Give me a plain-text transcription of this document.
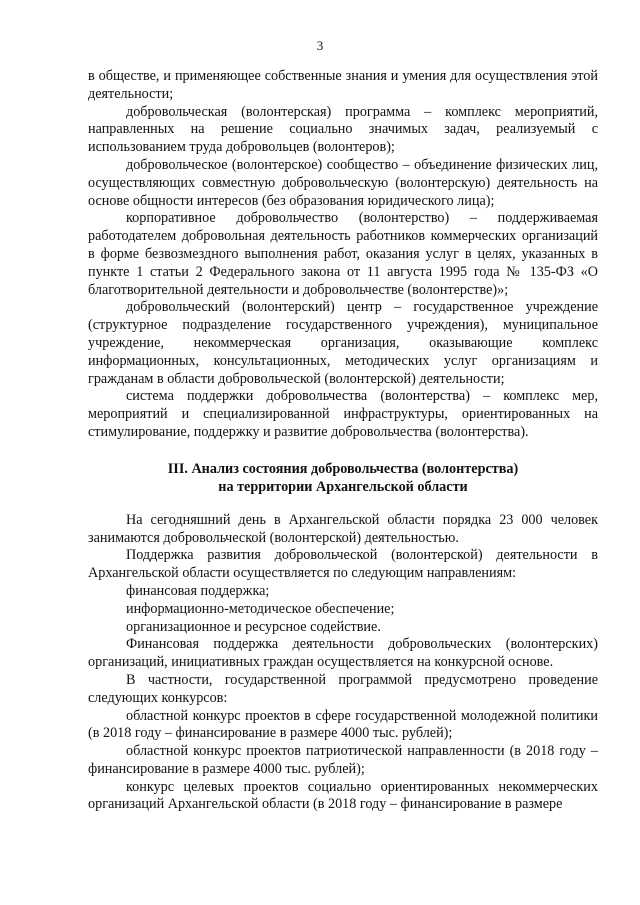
3

в обществе, и применяющее собственные знания и умения для осуществления этой деятельности;

добровольческая (волонтерская) программа – комплекс мероприятий, направленных на решение социально значимых задач, реализуемый с использованием труда добровольцев (волонтеров);

добровольческое (волонтерское) сообщество – объединение физических лиц, осуществляющих совместную добровольческую (волонтерскую) деятельность на основе общности интересов (без образования юридического лица);

корпоративное добровольчество (волонтерство) – поддерживаемая работодателем добровольная деятельность работников коммерческих организаций в форме безвозмездного выполнения работ, оказания услуг в целях, указанных в пункте 1 статьи 2 Федерального закона от 11 августа 1995 года № 135-ФЗ «О благотворительной деятельности и добровольчестве (волонтерстве)»;

добровольческий (волонтерский) центр – государственное учреждение (структурное подразделение государственного учреждения), муниципальное учреждение, некоммерческая организация, оказывающие комплекс информационных, консультационных, методических услуг организациям и гражданам в области добровольческой (волонтерской) деятельности;

система поддержки добровольчества (волонтерства) – комплекс мер, мероприятий и специализированной инфраструктуры, ориентированных на стимулирование, поддержку и развитие добровольчества (волонтерства).

III. Анализ состояния добровольчества (волонтерства)
на территории Архангельской области

На сегодняшний день в Архангельской области порядка 23 000 человек занимаются добровольческой (волонтерской) деятельностью.

Поддержка развития добровольческой (волонтерской) деятельности в Архангельской области осуществляется по следующим направлениям:

финансовая поддержка;

информационно-методическое обеспечение;

организационное и ресурсное содействие.

Финансовая поддержка деятельности добровольческих (волонтерских) организаций, инициативных граждан осуществляется на конкурсной основе.

В частности, государственной программой предусмотрено проведение следующих конкурсов:

областной конкурс проектов в сфере государственной молодежной политики (в 2018 году – финансирование в размере 4000 тыс. рублей);

областной конкурс проектов патриотической направленности (в 2018 году – финансирование в размере 4000 тыс. рублей);

конкурс целевых проектов социально ориентированных некоммерческих организаций Архангельской области (в 2018 году – финансирование в размере
